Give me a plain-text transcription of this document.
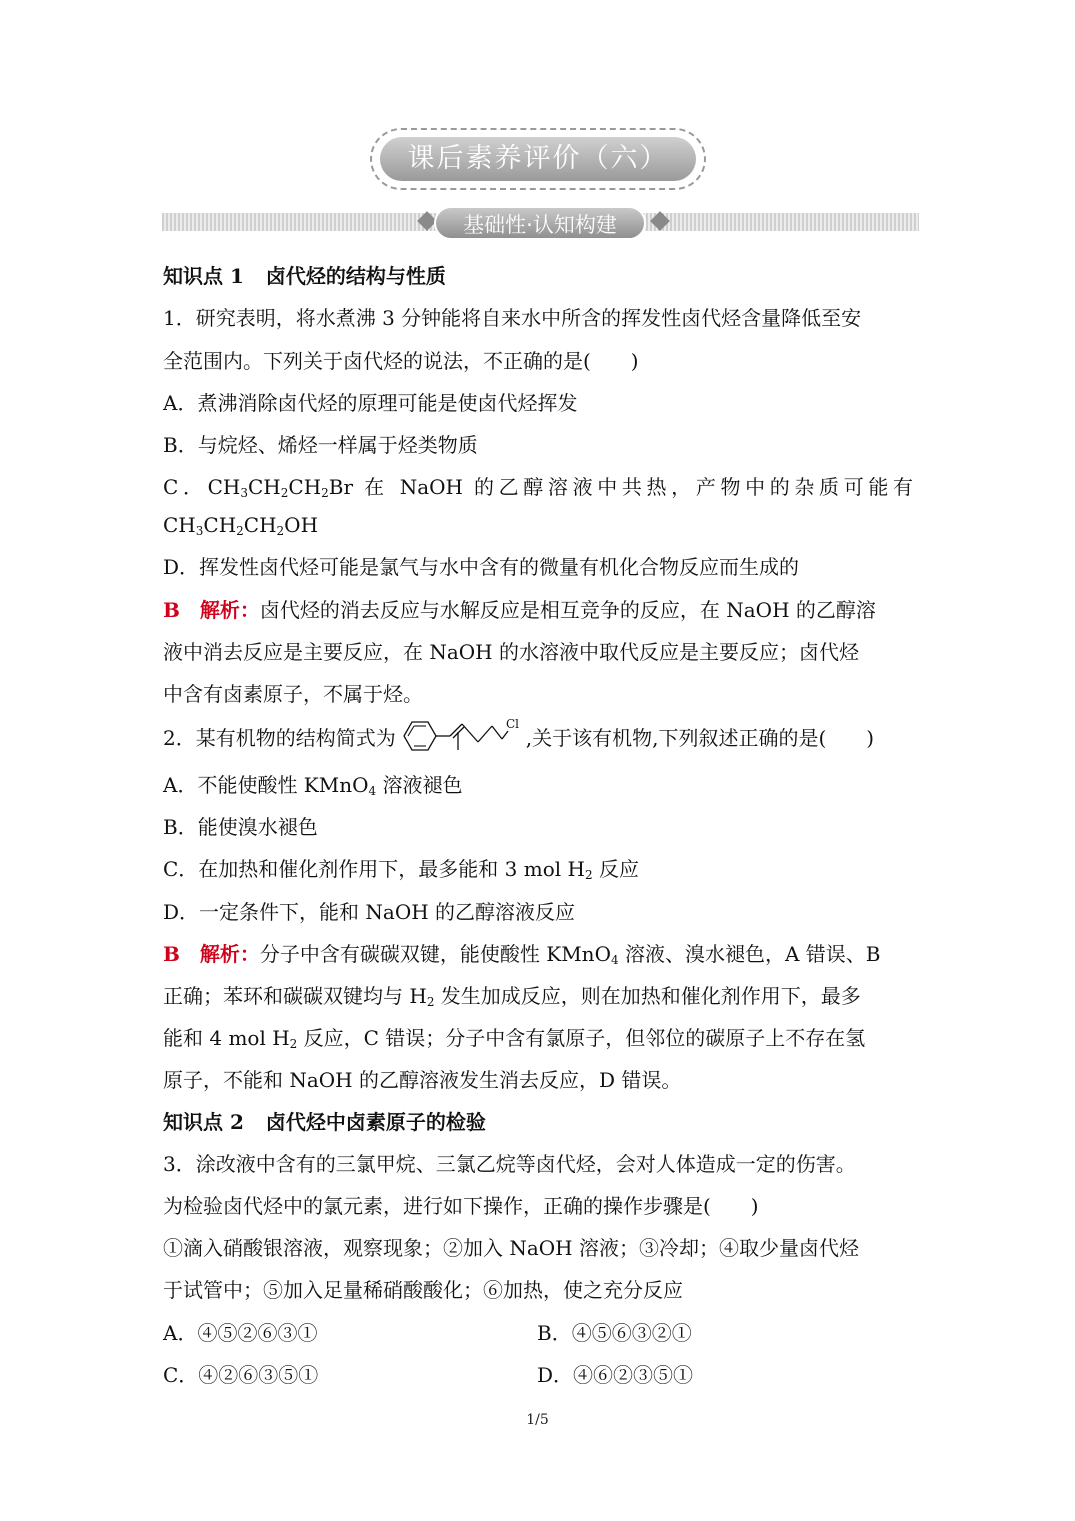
课后素养评价（六）
基础性·认知构建
知识点 1 卤代烃的结构与性质
1．研究表明，将水煮沸 3 分钟能将自来水中所含的挥发性卤代烃含量降低至安
全范围内。下列关于卤代烃的说法，不正确的是(　　)
A．煮沸消除卤代烃的原理可能是使卤代烃挥发
B．与烷烃、烯烃一样属于烃类物质
C．$CH_3CH_2CH_2Br$ 在 NaOH 的乙醇溶液中共热，产物中的杂质可能有
$CH_3CH_2CH_2OH$
D．挥发性卤代烃可能是氯气与水中含有的微量有机化合物反应而生成的
B　 解析：卤代烃的消去反应与水解反应是相互竞争的反应，在 NaOH 的乙醇溶
液中消去反应是主要反应，在 NaOH 的水溶液中取代反应是主要反应；卤代烃
中含有卤素原子，不属于烃。
2．某有机物的结构简式为
Cl
,关于该有机物,下列叙述正确的是(　　)
A．不能使酸性 KMnO$_4$ 溶液褪色
B．能使溴水褪色
C．在加热和催化剂作用下，最多能和 3 mol $H_2$ 反应
D．一定条件下，能和 NaOH 的乙醇溶液反应
B　 解析：分子中含有碳碳双键，能使酸性 KMnO$_4$ 溶液、溴水褪色，A 错误、B
正确；苯环和碳碳双键均与 $H_2$ 发生加成反应，则在加热和催化剂作用下，最多
能和 4 mol $H_2$ 反应，C 错误；分子中含有氯原子，但邻位的碳原子上不存在氢
原子，不能和 NaOH 的乙醇溶液发生消去反应，D 错误。
知识点 2 卤代烃中卤素原子的检验
3．涂改液中含有的三氯甲烷、三氯乙烷等卤代烃，会对人体造成一定的伤害。
为检验卤代烃中的氯元素，进行如下操作，正确的操作步骤是(　　)
①滴入硝酸银溶液，观察现象；②加入 NaOH 溶液；③冷却；④取少量卤代烃
于试管中；⑤加入足量稀硝酸酸化；⑥加热，使之充分反应
A．④⑤②⑥③①	B．④⑤⑥③②①
C．④②⑥③⑤①	D．④⑥②③⑤①
1/5
